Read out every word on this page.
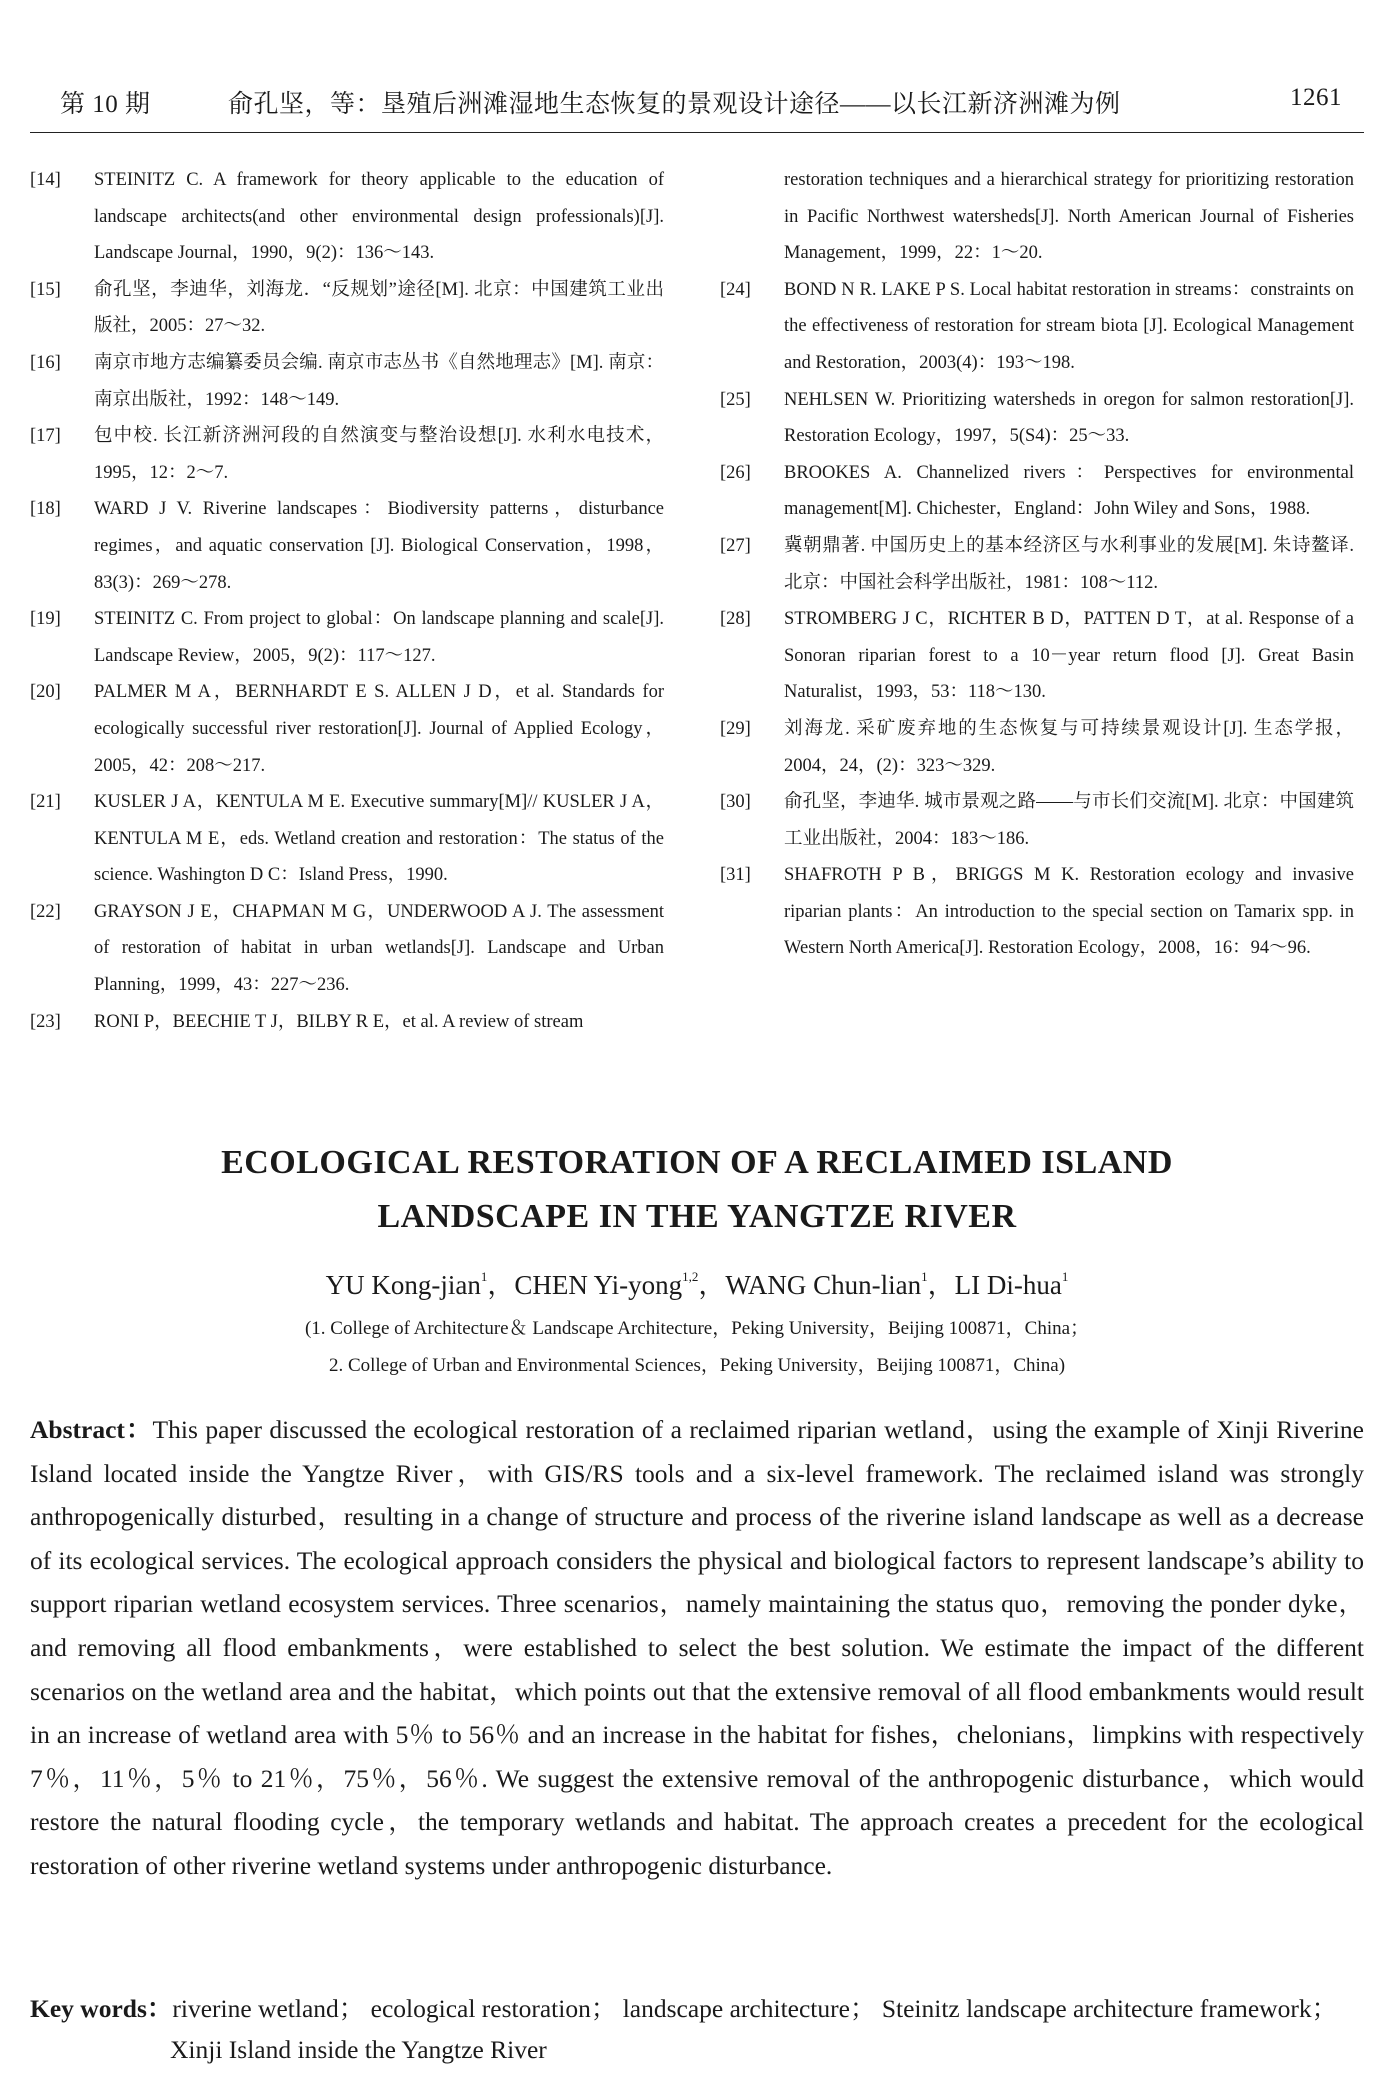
第 10 期	俞孔坚，等：垦殖后洲滩湿地生态恢复的景观设计途径——以长江新济洲滩为例	1261
[14] STEINITZ C. A framework for theory applicable to the education of landscape architects(and other environmental design professionals)[J]. Landscape Journal，1990，9(2)：136～143.
[15] 俞孔坚，李迪华，刘海龙．“反规划”途径[M]. 北京：中国建筑工业出版社，2005：27～32.
[16] 南京市地方志编纂委员会编. 南京市志丛书《自然地理志》[M]. 南京：南京出版社，1992：148～149.
[17] 包中校. 长江新济洲河段的自然演变与整治设想[J]. 水利水电技术，1995，12：2～7.
[18] WARD J V. Riverine landscapes：Biodiversity patterns，disturbance regimes，and aquatic conservation [J]. Biological Conservation，1998，83(3)：269～278.
[19] STEINITZ C. From project to global：On landscape planning and scale[J]. Landscape Review，2005，9(2)：117～127.
[20] PALMER M A，BERNHARDT E S. ALLEN J D，et al. Standards for ecologically successful river restoration[J]. Journal of Applied Ecology，2005，42：208～217.
[21] KUSLER J A，KENTULA M E. Executive summary[M]// KUSLER J A，KENTULA M E，eds. Wetland creation and restoration：The status of the science. Washington D C：Island Press，1990.
[22] GRAYSON J E，CHAPMAN M G，UNDERWOOD A J. The assessment of restoration of habitat in urban wetlands[J]. Landscape and Urban Planning，1999，43：227～236.
[23] RONI P，BEECHIE T J，BILBY R E，et al. A review of stream
restoration techniques and a hierarchical strategy for prioritizing restoration in Pacific Northwest watersheds[J]. North American Journal of Fisheries Management，1999，22：1～20.
[24] BOND N R. LAKE P S. Local habitat restoration in streams：constraints on the effectiveness of restoration for stream biota [J]. Ecological Management and Restoration，2003(4)：193～198.
[25] NEHLSEN W. Prioritizing watersheds in oregon for salmon restoration[J]. Restoration Ecology，1997，5(S4)：25～33.
[26] BROOKES A. Channelized rivers：Perspectives for environmental management[M]. Chichester，England：John Wiley and Sons，1988.
[27] 冀朝鼎著. 中国历史上的基本经济区与水利事业的发展[M]. 朱诗鳌译. 北京：中国社会科学出版社，1981：108～112.
[28] STROMBERG J C，RICHTER B D，PATTEN D T，at al. Response of a Sonoran riparian forest to a 10－year return flood [J]. Great Basin Naturalist，1993，53：118～130.
[29] 刘海龙. 采矿废弃地的生态恢复与可持续景观设计[J]. 生态学报，2004，24，(2)：323～329.
[30] 俞孔坚，李迪华. 城市景观之路——与市长们交流[M]. 北京：中国建筑工业出版社，2004：183～186.
[31] SHAFROTH P B，BRIGGS M K. Restoration ecology and invasive riparian plants：An introduction to the special section on Tamarix spp. in Western North America[J]. Restoration Ecology，2008，16：94～96.
ECOLOGICAL RESTORATION OF A RECLAIMED ISLAND
LANDSCAPE IN THE YANGTZE RIVER
YU Kong-jian$^1$，CHEN Yi-yong$^{1,2}$，WANG Chun-lian$^1$，LI Di-hua$^1$
(1. College of Architecture＆ Landscape Architecture，Peking University，Beijing 100871，China；
2. College of Urban and Environmental Sciences，Peking University，Beijing 100871，China)
Abstract：This paper discussed the ecological restoration of a reclaimed riparian wetland，using the example of Xinji Riverine Island located inside the Yangtze River，with GIS/RS tools and a six-level framework. The reclaimed island was strongly anthropogenically disturbed，resulting in a change of structure and process of the riverine island landscape as well as a decrease of its ecological services. The ecological approach considers the physical and biological factors to represent landscape’s ability to support riparian wetland ecosystem services. Three scenarios，namely maintaining the status quo，removing the ponder dyke，and removing all flood embankments，were established to select the best solution. We estimate the impact of the different scenarios on the wetland area and the habitat，which points out that the extensive removal of all flood embankments would result in an increase of wetland area with 5％ to 56％ and an increase in the habitat for fishes，chelonians，limpkins with respectively 7％，11％，5％ to 21％，75％，56％. We suggest the extensive removal of the anthropogenic disturbance，which would restore the natural flooding cycle，the temporary wetlands and habitat. The approach creates a precedent for the ecological restoration of other riverine wetland systems under anthropogenic disturbance.
Key words：riverine wetland； ecological restoration； landscape architecture； Steinitz landscape architecture framework； Xinji Island inside the Yangtze River
